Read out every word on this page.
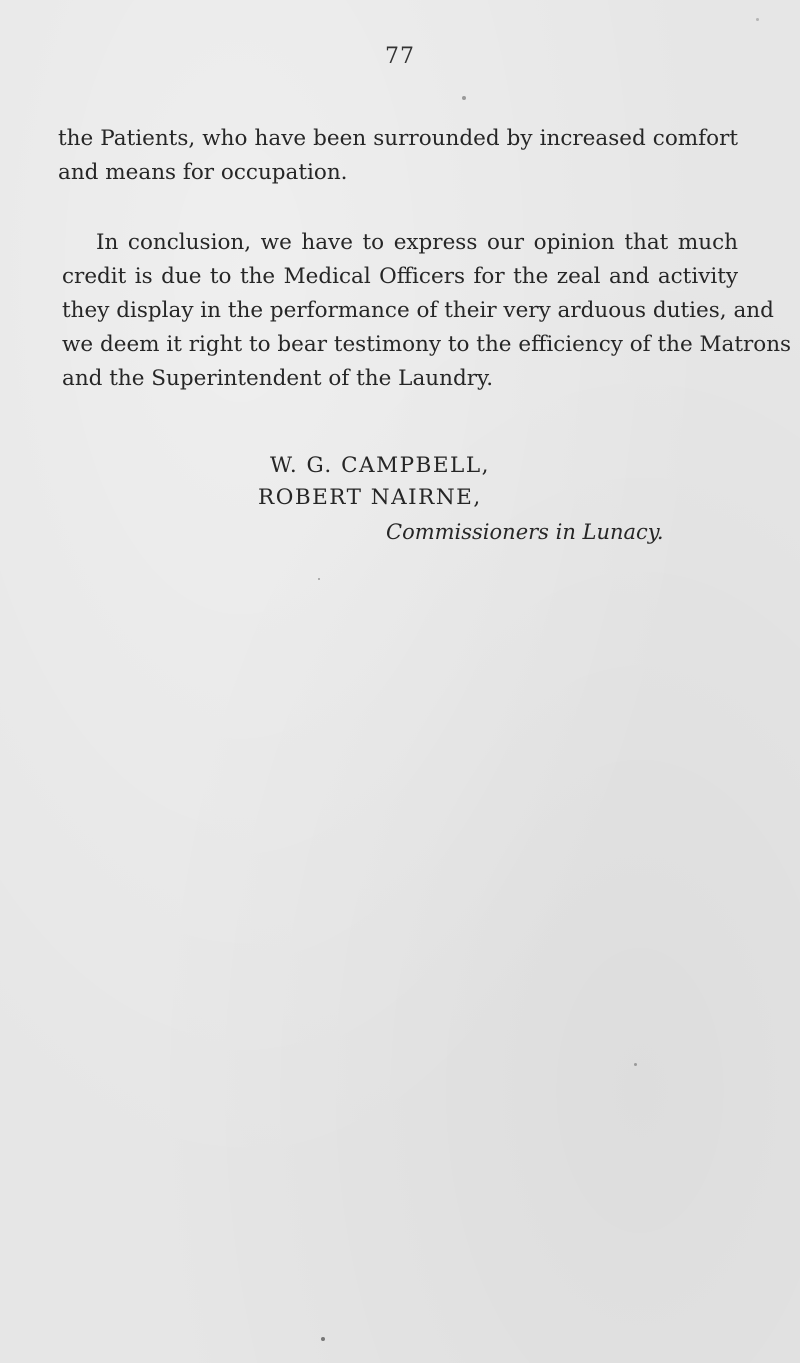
77
the Patients, who have been surrounded by increased comfort
and means for occupation.
In conclusion, we have to express our opinion that much
credit is due to the Medical Officers for the zeal and activity
they display in the performance of their very arduous duties, and
we deem it right to bear testimony to the efficiency of the Matrons
and the Superintendent of the Laundry.
W. G. CAMPBELL,
ROBERT NAIRNE,
Commissioners in Lunacy.
